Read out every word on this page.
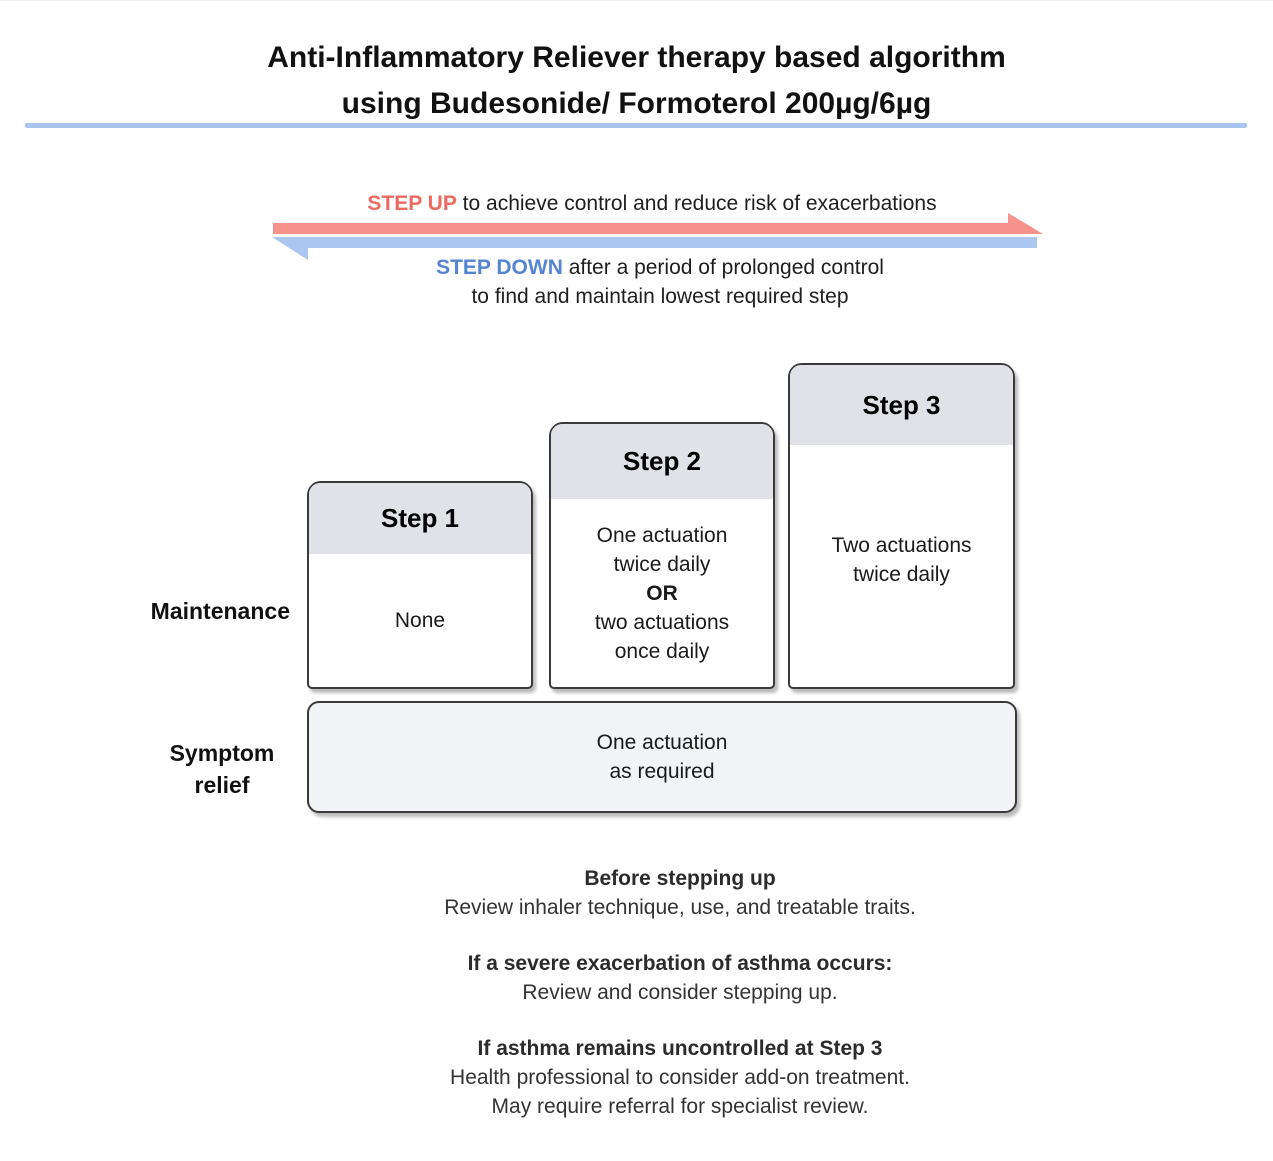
Anti-Inflammatory Reliever therapy based algorithm
using Budesonide/ Formoterol 200µg/6µg
STEP UP to achieve control and reduce risk of exacerbations
STEP DOWN after a period of prolonged control
to find and maintain lowest required step
Maintenance
Symptom
relief
Step 1
None
Step 2
One actuation
twice daily
OR
two actuations
once daily
Step 3
Two actuations
twice daily
One actuation
as required
Before stepping up
Review inhaler technique, use, and treatable traits.
If a severe exacerbation of asthma occurs:
Review and consider stepping up.
If asthma remains uncontrolled at Step 3
Health professional to consider add-on treatment.
May require referral for specialist review.
